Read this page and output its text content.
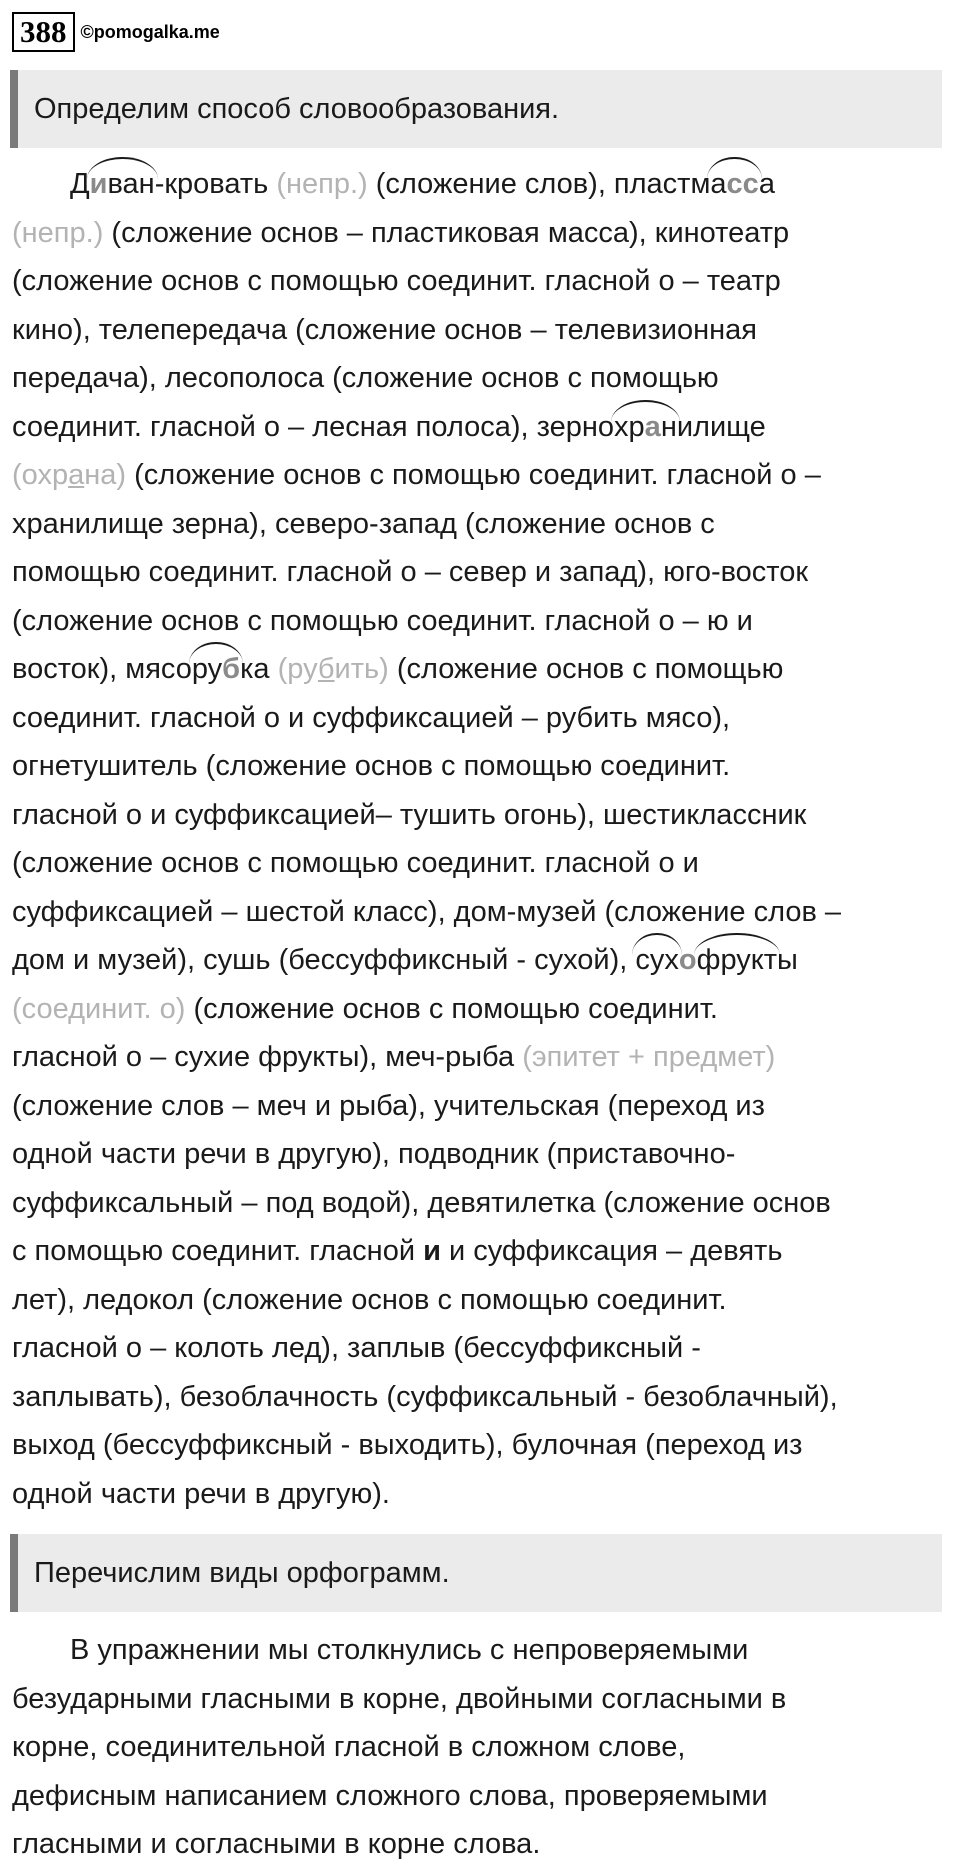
388 ©pomogalka.me
Определим способ словообразования.
Диван-кровать (непр.) (сложение слов), пластмасса
(непр.) (сложение основ – пластиковая масса), кинотеатр
(сложение основ с помощью соединит. гласной о – театр
кино), телепередача (сложение основ – телевизионная
передача), лесополоса (сложение основ с помощью
соединит. гласной о – лесная полоса), зернохранилище
(охрана) (сложение основ с помощью соединит. гласной о –
хранилище зерна), северо-запад (сложение основ с
помощью соединит. гласной о – север и запад), юго-восток
(сложение основ с помощью соединит. гласной о – ю и
восток), мясорубка (рубить) (сложение основ с помощью
соединит. гласной о и суффиксацией – рубить мясо),
огнетушитель (сложение основ с помощью соединит.
гласной о и суффиксацией– тушить огонь), шестиклассник
(сложение основ с помощью соединит. гласной о и
суффиксацией – шестой класс), дом-музей (сложение слов –
дом и музей), сушь (бессуффиксный - сухой), сухофрукты
(соединит. о) (сложение основ с помощью соединит.
гласной о – сухие фрукты), меч-рыба (эпитет + предмет)
(сложение слов – меч и рыба), учительская (переход из
одной части речи в другую), подводник (приставочно-
суффиксальный – под водой), девятилетка (сложение основ
с помощью соединит. гласной и и суффиксация – девять
лет), ледокол (сложение основ с помощью соединит.
гласной о – колоть лед), заплыв (бессуффиксный -
заплывать), безоблачность (суффиксальный - безоблачный),
выход (бессуффиксный - выходить), булочная (переход из
одной части речи в другую).
Перечислим виды орфограмм.
В упражнении мы столкнулись с непроверяемыми
безударными гласными в корне, двойными согласными в
корне, соединительной гласной в сложном слове,
дефисным написанием сложного слова, проверяемыми
гласными и согласными в корне слова.
